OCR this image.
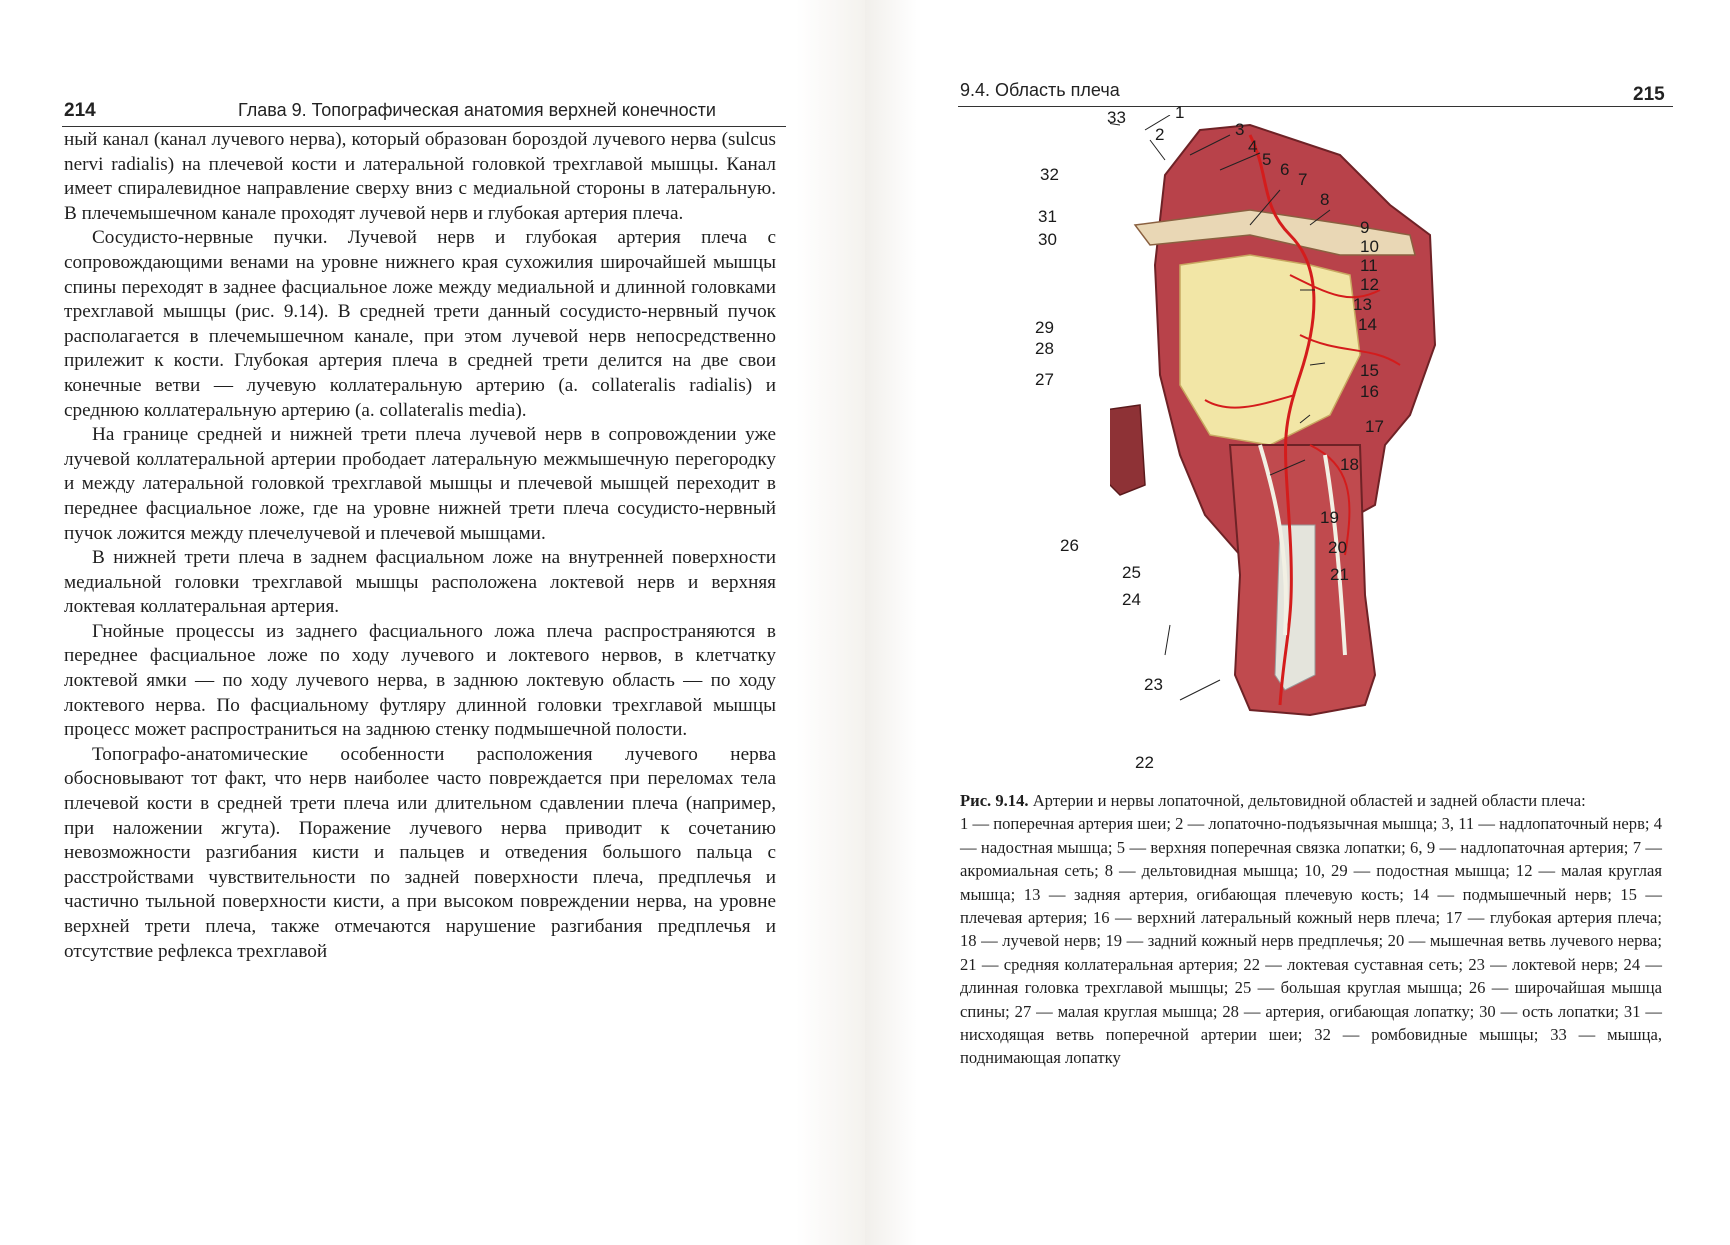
214	Глава 9. Топографическая анатомия верхней конечности

ный канал (канал лучевого нерва), который образован бороздой лучевого нерва (sulcus nervi radialis) на плечевой кости и латеральной головкой трехглавой мышцы. Канал имеет спиралевидное направление сверху вниз с медиальной стороны в латеральную. В плечемышечном канале проходят лучевой нерв и глубокая артерия плеча.

Сосудисто-нервные пучки. Лучевой нерв и глубокая артерия плеча с сопровождающими венами на уровне нижнего края сухожилия широчайшей мышцы спины переходят в заднее фасциальное ложе между медиальной и длинной головками трехглавой мышцы (рис. 9.14). В средней трети данный сосудисто-нервный пучок располагается в плечемышечном канале, при этом лучевой нерв непосредственно прилежит к кости. Глубокая артерия плеча в средней трети делится на две свои конечные ветви — лучевую коллатеральную артерию (a. collateralis radialis) и среднюю коллатеральную артерию (a. collateralis media).

На границе средней и нижней трети плеча лучевой нерв в сопровождении уже лучевой коллатеральной артерии прободает латеральную межмышечную перегородку и между латеральной головкой трехглавой мышцы и плечевой мышцей переходит в переднее фасциальное ложе, где на уровне нижней трети плеча сосудисто-нервный пучок ложится между плечелучевой и плечевой мышцами.

В нижней трети плеча в заднем фасциальном ложе на внутренней поверхности медиальной головки трехглавой мышцы расположена локтевой нерв и верхняя локтевая коллатеральная артерия.

Гнойные процессы из заднего фасциального ложа плеча распространяются в переднее фасциальное ложе по ходу лучевого и локтевого нервов, в клетчатку локтевой ямки — по ходу лучевого нерва, в заднюю локтевую область — по ходу локтевого нерва. По фасциальному футляру длинной головки трехглавой мышцы процесс может распространиться на заднюю стенку подмышечной полости.

Топографо-анатомические особенности расположения лучевого нерва обосновывают тот факт, что нерв наиболее часто повреждается при переломах тела плечевой кости в средней трети плеча или длительном сдавлении плеча (например, при наложении жгута). Поражение лучевого нерва приводит к сочетанию невозможности разгибания кисти и пальцев и отведения большого пальца с расстройствами чувствительности по задней поверхности плеча, предплечья и частично тыльной поверхности кисти, а при высоком повреждении нерва, на уровне верхней трети плеча, также отмечаются нарушение разгибания предплечья и отсутствие рефлекса трехглавой

9.4. Область плеча	215
33	1
2	3
4
5
6
7
8
9
10
11
12
13
14
15
16
17
18
19
20
21
22
23
24
25
26
27
28
29
30
31
32

Рис. 9.14. Артерии и нервы лопаточной, дельтовидной областей и задней области плеча:

1 — поперечная артерия шеи; 2 — лопаточно-подъязычная мышца; 3, 11 — надлопаточный нерв; 4 — надостная мышца; 5 — верхняя поперечная связка лопатки; 6, 9 — надлопаточная артерия; 7 — акромиальная сеть; 8 — дельтовидная мышца; 10, 29 — подостная мышца; 12 — малая круглая мышца; 13 — задняя артерия, огибающая плечевую кость; 14 — подмышечный нерв; 15 — плечевая артерия; 16 — верхний латеральный кожный нерв плеча; 17 — глубокая артерия плеча; 18 — лучевой нерв; 19 — задний кожный нерв предплечья; 20 — мышечная ветвь лучевого нерва; 21 — средняя коллатеральная артерия; 22 — локтевая суставная сеть; 23 — локтевой нерв; 24 — длинная головка трехглавой мышцы; 25 — большая круглая мышца; 26 — широчайшая мышца спины; 27 — малая круглая мышца; 28 — артерия, огибающая лопатку; 30 — ость лопатки; 31 — нисходящая ветвь поперечной артерии шеи; 32 — ромбовидные мышцы; 33 — мышца, поднимающая лопатку
